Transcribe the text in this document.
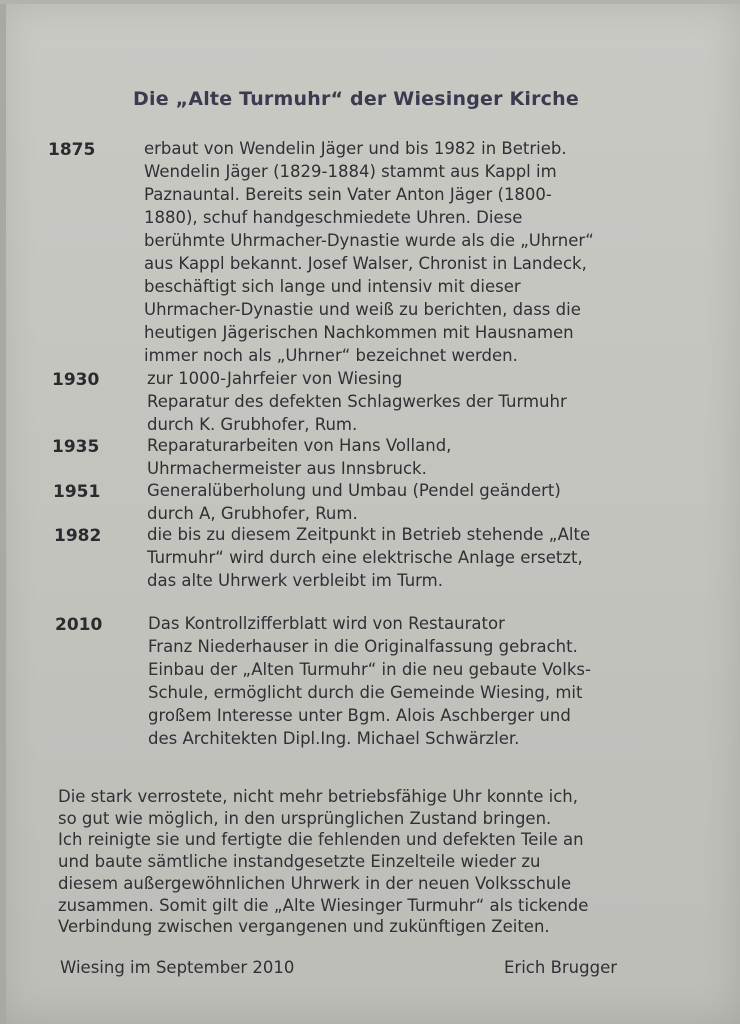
Die „Alte Turmuhr“ der Wiesinger Kirche
1875	erbaut von Wendelin Jäger und bis 1982 in Betrieb.
Wendelin Jäger (1829-1884) stammt aus Kappl im
Paznauntal. Bereits sein Vater Anton Jäger (1800-
1880), schuf handgeschmiedete Uhren. Diese
berühmte Uhrmacher-Dynastie wurde als die „Uhrner“
aus Kappl bekannt. Josef Walser, Chronist in Landeck,
beschäftigt sich lange und intensiv mit dieser
Uhrmacher-Dynastie und weiß zu berichten, dass die
heutigen Jägerischen Nachkommen mit Hausnamen
immer noch als „Uhrner“ bezeichnet werden.
1930	zur 1000-Jahrfeier von Wiesing
Reparatur des defekten Schlagwerkes der Turmuhr
durch K. Grubhofer, Rum.
1935	Reparaturarbeiten von Hans Volland,
Uhrmachermeister aus Innsbruck.
1951	Generalüberholung und Umbau (Pendel geändert)
durch A, Grubhofer, Rum.
1982	die bis zu diesem Zeitpunkt in Betrieb stehende „Alte
Turmuhr“ wird durch eine elektrische Anlage ersetzt,
das alte Uhrwerk verbleibt im Turm.
2010	Das Kontrollzifferblatt wird von Restaurator
Franz Niederhauser in die Originalfassung gebracht.
Einbau der „Alten Turmuhr“ in die neu gebaute Volks-
Schule, ermöglicht durch die Gemeinde Wiesing, mit
großem Interesse unter Bgm. Alois Aschberger und
des Architekten Dipl.Ing. Michael Schwärzler.
Die stark verrostete, nicht mehr betriebsfähige Uhr konnte ich,
so gut wie möglich, in den ursprünglichen Zustand bringen.
Ich reinigte sie und fertigte die fehlenden und defekten Teile an
und baute sämtliche instandgesetzte Einzelteile wieder zu
diesem außergewöhnlichen Uhrwerk in der neuen Volksschule
zusammen. Somit gilt die „Alte Wiesinger Turmuhr“ als tickende
Verbindung zwischen vergangenen und zukünftigen Zeiten.
Wiesing im September 2010	Erich Brugger
